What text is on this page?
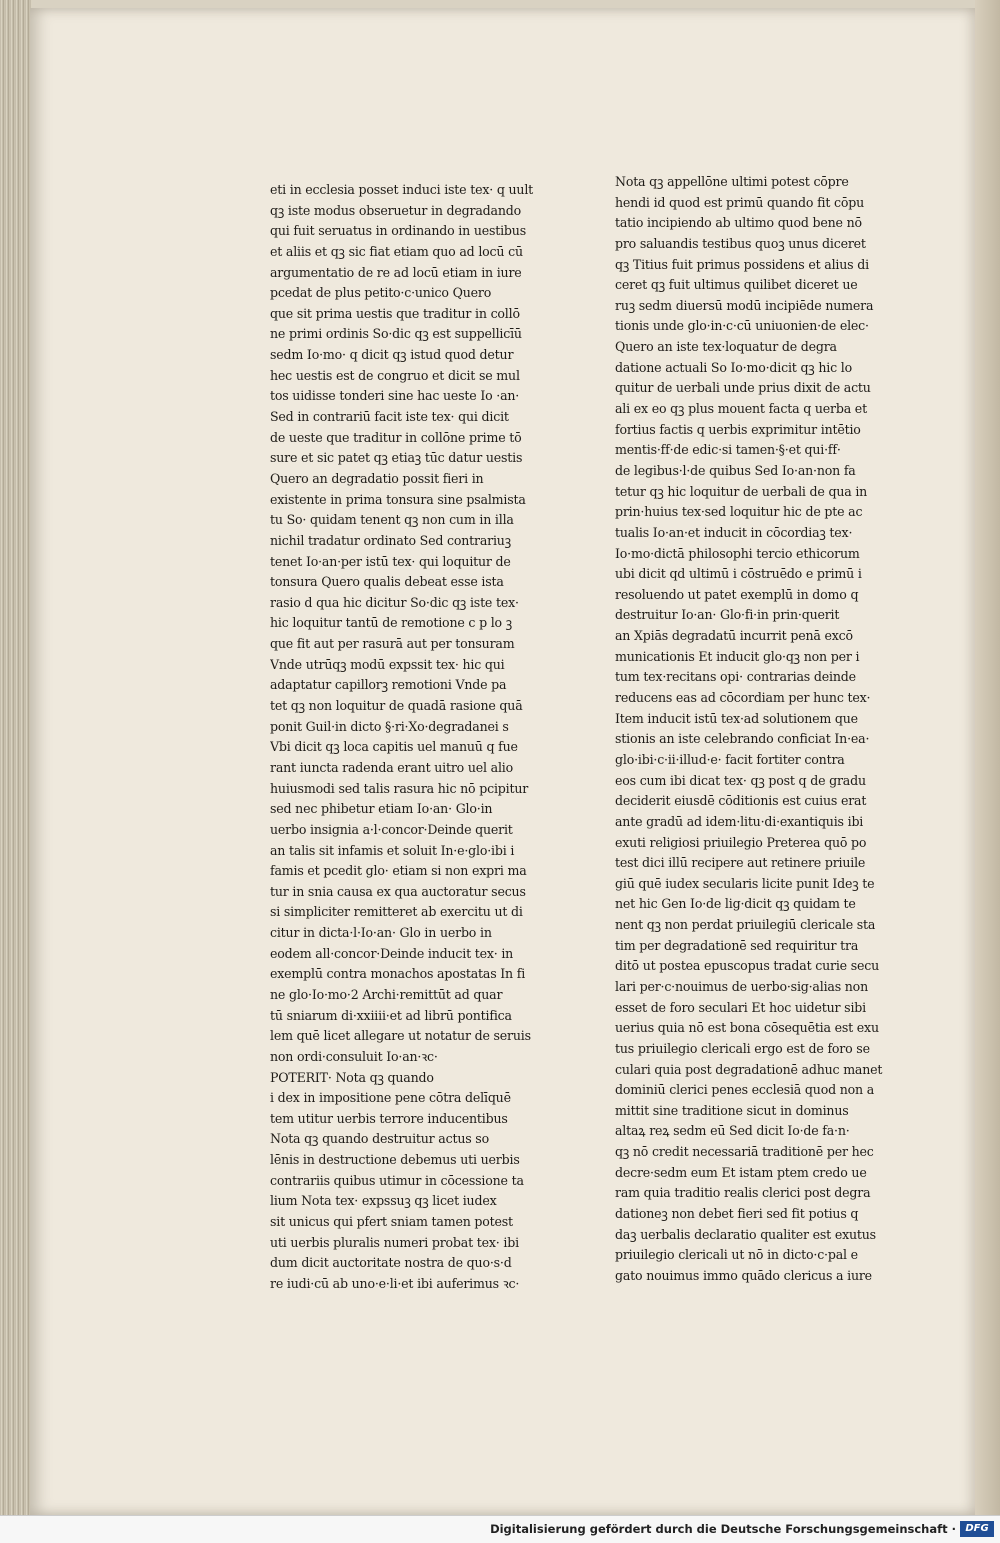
eti in ecclesia posset induci iste tex· q uult
qꝫ iste modus obseruetur in degradando
qui fuit seruatus in ordinando in uestibus
et aliis et qꝫ sic fiat etiam quo ad locū cū
argumentatio de re ad locū etiam in iure
pcedat de plus petito·c·unico Quero
que sit prima uestis que traditur in collō
ne primi ordinis So·dic qꝫ est suppellicīū
sedm Io·mo· q dicit qꝫ istud quod detur
hec uestis est de congruo et dicit se mul
tos uidisse tonderi sine hac ueste Io ·an·
Sed in contrariū facit iste tex· qui dicit
de ueste que traditur in collōne prime tō
sure et sic patet qꝫ etiaꝫ tūc datur uestis
Quero an degradatio possit fieri in
existente in prima tonsura sine psalmista
tu So· quidam tenent qꝫ non cum in illa
nichil tradatur ordinato Sed contrariuꝫ
tenet Io·an·per istū tex· qui loquitur de
tonsura Quero qualis debeat esse ista
rasio d qua hic dicitur So·dic qꝫ iste tex·
hic loquitur tantū de remotione c p lo ꝫ
que fit aut per rasurā aut per tonsuram
Vnde utrūqꝫ modū expssit tex· hic qui
adaptatur capillorꝫ remotioni Vnde pa
tet qꝫ non loquitur de quadā rasione quā
ponit Guil·in dicto §·ri·Xo·degradanei s
Vbi dicit qꝫ loca capitis uel manuū q fue
rant iuncta radenda erant uitro uel alio
huiusmodi sed talis rasura hic nō pcipitur
sed nec phibetur etiam Io·an· Glo·in
uerbo insignia a·l·concor·Deinde querit
an talis sit infamis et soluit In·e·glo·ibi i
famis et pcedit glo· etiam si non expri ma
tur in snia causa ex qua auctoratur secus
si simpliciter remitteret ab exercitu ut di
citur in dicta·l·Io·an· Glo in uerbo in
eodem all·concor·Deinde inducit tex· in
exemplū contra monachos apostatas In fi
ne glo·Io·mo·2 Archi·remittūt ad quar
tū sniarum di·xxiiii·et ad librū pontifica
lem quē licet allegare ut notatur de seruis
non ordi·consuluit Io·an·ꝛc·
POTERIT· Nota qꝫ quando
i dex in impositione pene cōtra delīquē
tem utitur uerbis terrore inducentibus
Nota qꝫ quando destruitur actus so
lēnis in destructione debemus uti uerbis
contrariis quibus utimur in cōcessione ta
lium Nota tex· expssuꝫ qꝫ licet iudex
sit unicus qui pfert sniam tamen potest
uti uerbis pluralis numeri probat tex· ibi
dum dicit auctoritate nostra de quo·s·d
re iudi·cū ab uno·e·li·et ibi auferimus ꝛc·
Nota qꝫ appellōne ultimi potest cōpre
hendi id quod est primū quando fit cōpu
tatio incipiendo ab ultimo quod bene nō
pro saluandis testibus quoꝫ unus diceret
qꝫ Titius fuit primus possidens et alius di
ceret qꝫ fuit ultimus quilibet diceret ue
ruꝫ sedm diuersū modū incipiēde numera
tionis unde glo·in·c·cū uniuonien·de elec·
Quero an iste tex·loquatur de degra
datione actuali So Io·mo·dicit qꝫ hic lo
quitur de uerbali unde prius dixit de actu
ali ex eo qꝫ plus mouent facta q uerba et
fortius factis q uerbis exprimitur intētio
mentis·ff·de edic·si tamen·§·et qui·ff·
de legibus·l·de quibus Sed Io·an·non fa
tetur qꝫ hic loquitur de uerbali de qua in
prin·huius tex·sed loquitur hic de pte ac
tualis Io·an·et inducit in cōcordiaꝫ tex·
Io·mo·dictā philosophi tercio ethicorum
ubi dicit qd ultimū i cōstruēdo e primū i
resoluendo ut patet exemplū in domo q
destruitur Io·an· Glo·fi·in prin·querit
an Xpiās degradatū incurrit penā excō
municationis Et inducit glo·qꝫ non per i
tum tex·recitans opi· contrarias deinde
reducens eas ad cōcordiam per hunc tex·
Item inducit istū tex·ad solutionem que
stionis an iste celebrando conficiat In·ea·
glo·ibi·c·ii·illud·e· facit fortiter contra
eos cum ibi dicat tex· qꝫ post q de gradu
deciderit eiusdē cōditionis est cuius erat
ante gradū ad idem·litu·di·exantiquis ibi
exuti religiosi priuilegio Preterea quō po
test dici illū recipere aut retinere priuile
giū quē iudex secularis licite punit Ideꝫ te
net hic Gen Io·de lig·dicit qꝫ quidam te
nent qꝫ non perdat priuilegiū clericale sta
tim per degradationē sed requiritur tra
ditō ut postea epuscopus tradat curie secu
lari per·c·nouimus de uerbo·sig·alias non
esset de foro seculari Et hoc uidetur sibi
uerius quia nō est bona cōsequētia est exu
tus priuilegio clericali ergo est de foro se
culari quia post degradationē adhuc manet
dominiū clerici penes ecclesiā quod non a
mittit sine traditione sicut in dominus
altaꝝ reꝝ sedm eū Sed dicit Io·de fa·n·
qꝫ nō credit necessariā traditionē per hec
decre·sedm eum Et istam ptem credo ue
ram quia traditio realis clerici post degra
dationeꝫ non debet fieri sed fit potius q
daꝫ uerbalis declaratio qualiter est exutus
priuilegio clericali ut nō in dicto·c·pal e
gato nouimus immo quādo clericus a iure
Digitalisierung gefördert durch die Deutsche Forschungsgemeinschaft · DFG
